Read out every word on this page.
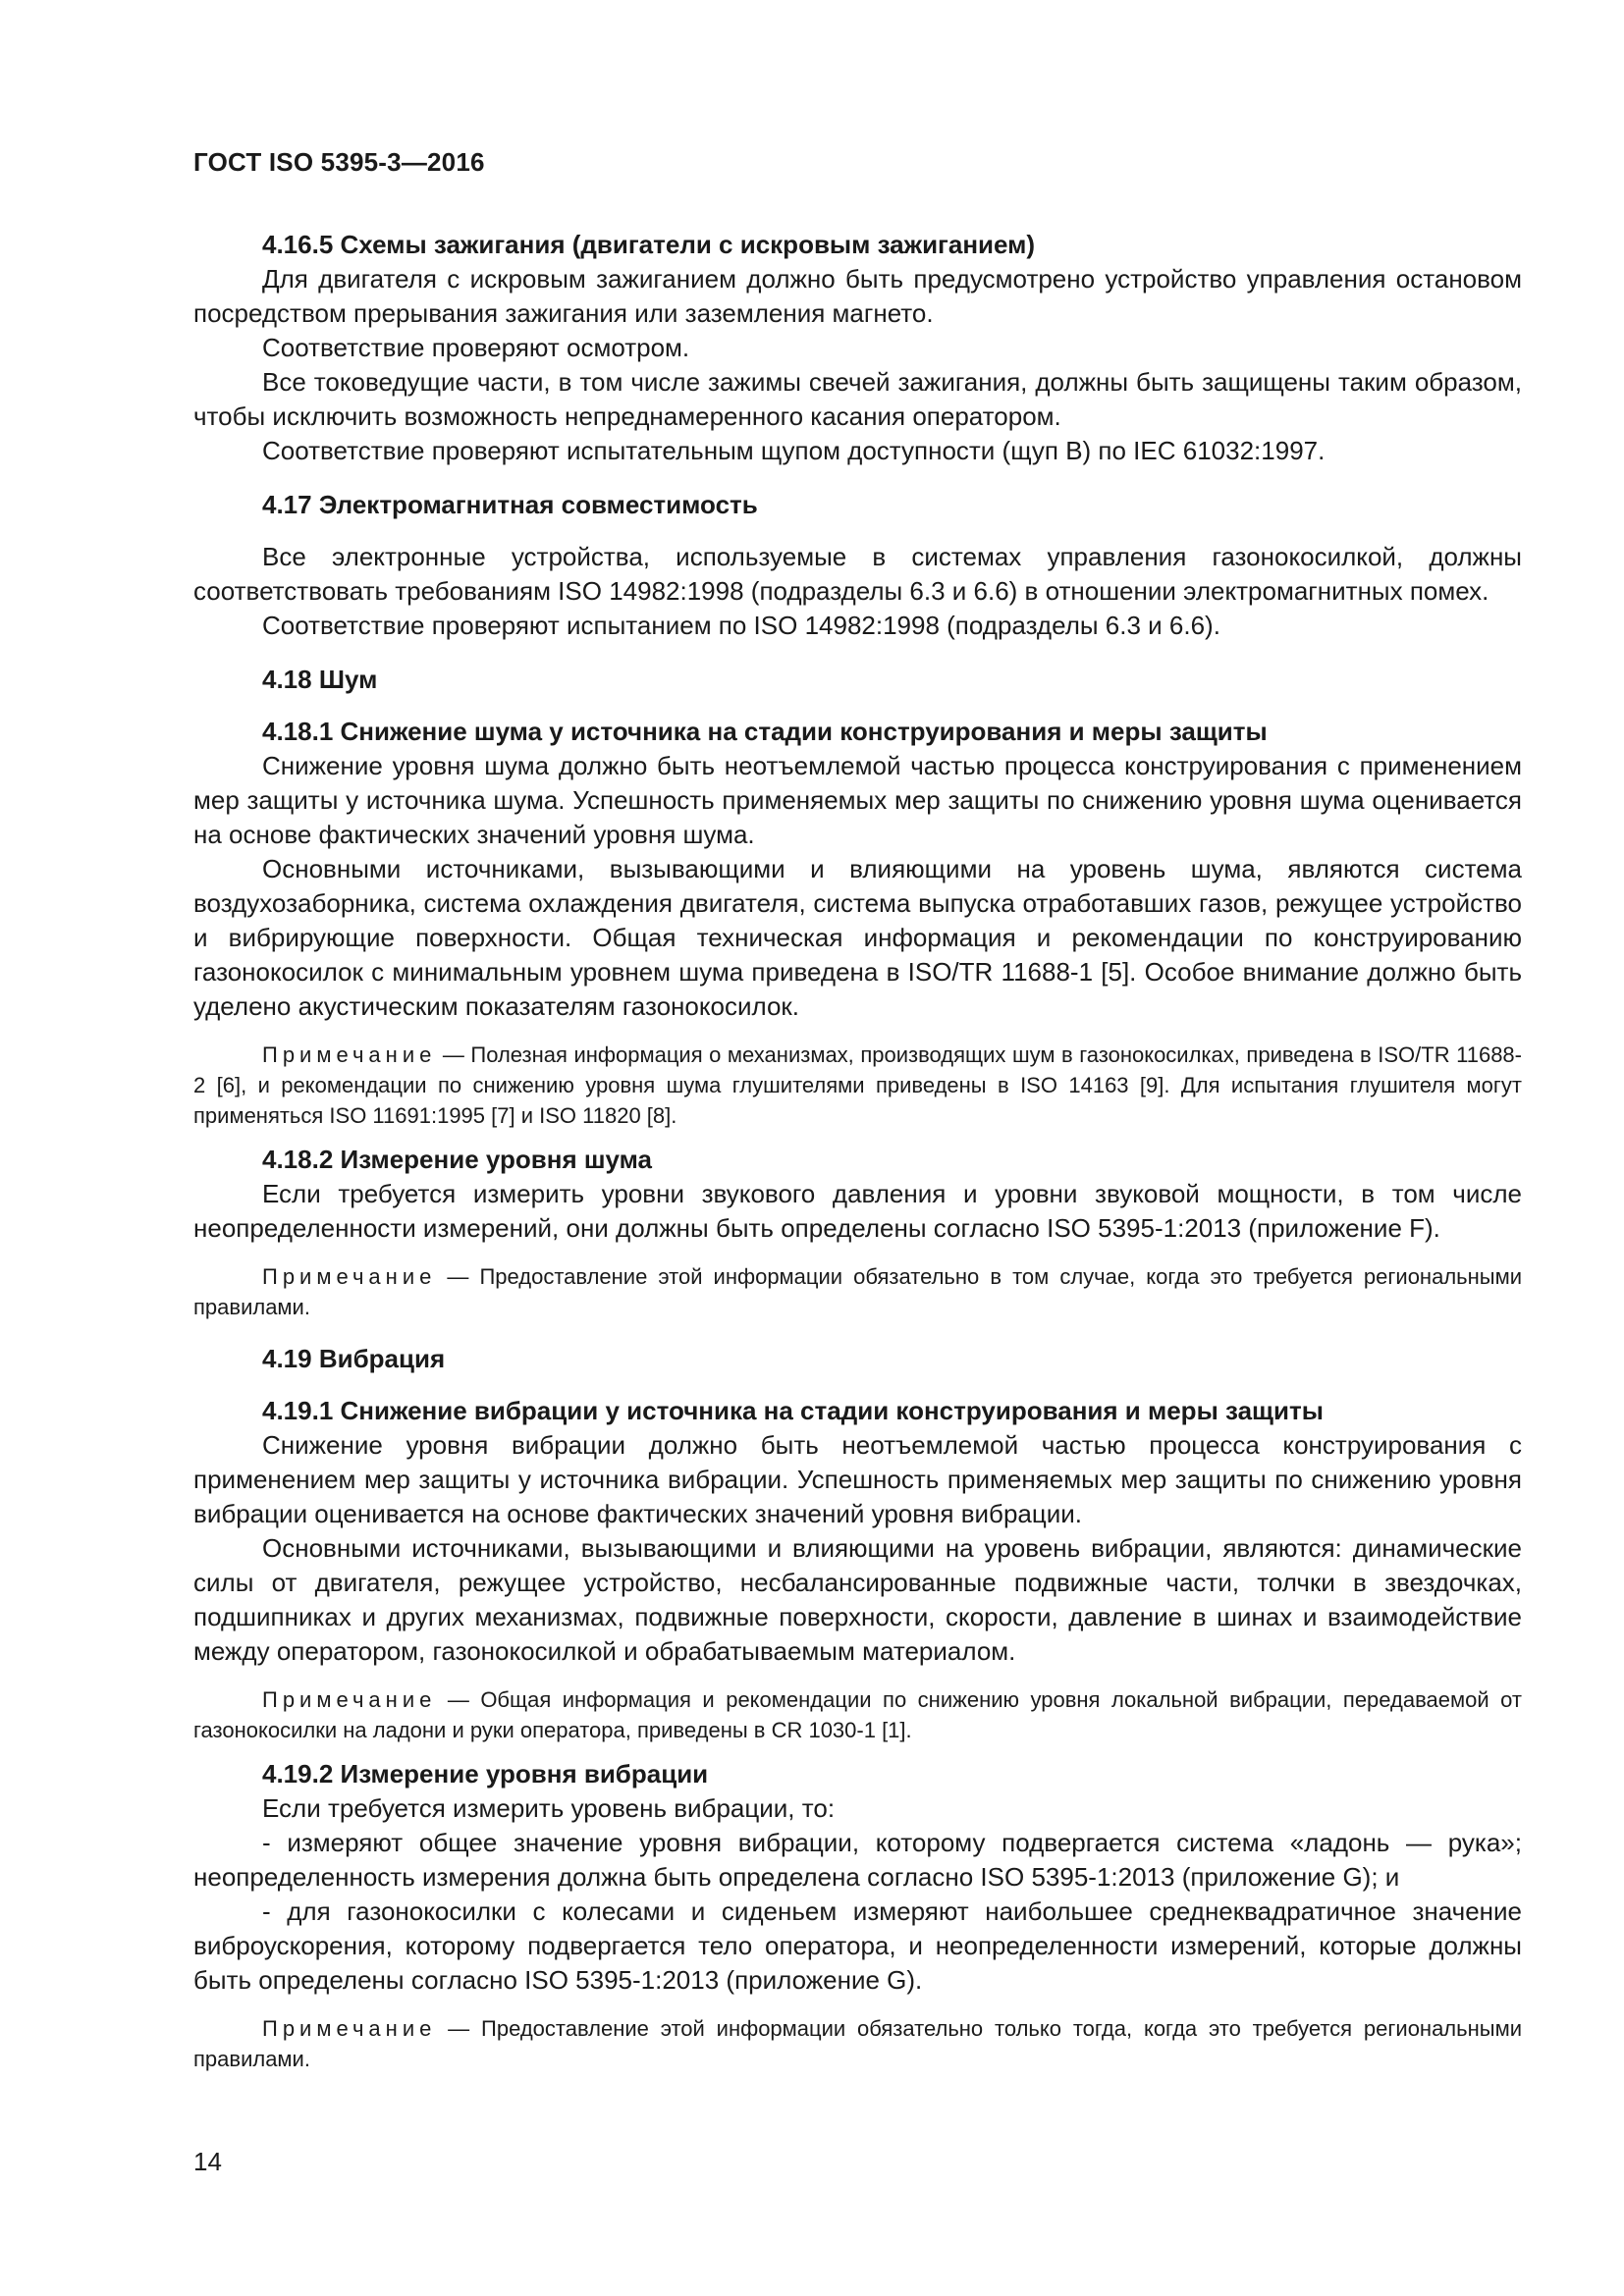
ГОСТ ISO 5395-3—2016
4.16.5 Схемы зажигания (двигатели с искровым зажиганием)

Для двигателя с искровым зажиганием должно быть предусмотрено устройство управления остановом посредством прерывания зажигания или заземления магнето.

Соответствие проверяют осмотром.

Все токоведущие части, в том числе зажимы свечей зажигания, должны быть защищены таким образом, чтобы исключить возможность непреднамеренного касания оператором.

Соответствие проверяют испытательным щупом доступности (щуп B) по IEC 61032:1997.

4.17 Электромагнитная совместимость

Все электронные устройства, используемые в системах управления газонокосилкой, должны соответствовать требованиям ISO 14982:1998 (подразделы 6.3 и 6.6) в отношении электромагнитных помех.

Соответствие проверяют испытанием по ISO 14982:1998 (подразделы 6.3 и 6.6).

4.18 Шум
4.18.1 Снижение шума у источника на стадии конструирования и меры защиты

Снижение уровня шума должно быть неотъемлемой частью процесса конструирования с применением мер защиты у источника шума. Успешность применяемых мер защиты по снижению уровня шума оценивается на основе фактических значений уровня шума.

Основными источниками, вызывающими и влияющими на уровень шума, являются система воздухозаборника, система охлаждения двигателя, система выпуска отработавших газов, режущее устройство и вибрирующие поверхности. Общая техническая информация и рекомендации по конструированию газонокосилок с минимальным уровнем шума приведена в ISO/TR 11688-1 [5]. Особое внимание должно быть уделено акустическим показателям газонокосилок.

Примечание — Полезная информация о механизмах, производящих шум в газонокосилках, приведена в ISO/TR 11688-2 [6], и рекомендации по снижению уровня шума глушителями приведены в ISO 14163 [9]. Для испытания глушителя могут применяться ISO 11691:1995 [7] и ISO 11820 [8].

4.18.2 Измерение уровня шума

Если требуется измерить уровни звукового давления и уровни звуковой мощности, в том числе неопределенности измерений, они должны быть определены согласно ISO 5395-1:2013 (приложение F).

Примечание — Предоставление этой информации обязательно в том случае, когда это требуется региональными правилами.

4.19 Вибрация
4.19.1 Снижение вибрации у источника на стадии конструирования и меры защиты

Снижение уровня вибрации должно быть неотъемлемой частью процесса конструирования с применением мер защиты у источника вибрации. Успешность применяемых мер защиты по снижению уровня вибрации оценивается на основе фактических значений уровня вибрации.

Основными источниками, вызывающими и влияющими на уровень вибрации, являются: динамические силы от двигателя, режущее устройство, несбалансированные подвижные части, толчки в звездочках, подшипниках и других механизмах, подвижные поверхности, скорости, давление в шинах и взаимодействие между оператором, газонокосилкой и обрабатываемым материалом.

Примечание — Общая информация и рекомендации по снижению уровня локальной вибрации, передаваемой от газонокосилки на ладони и руки оператора, приведены в CR 1030-1 [1].

4.19.2 Измерение уровня вибрации

Если требуется измерить уровень вибрации, то:

- измеряют общее значение уровня вибрации, которому подвергается система «ладонь — рука»; неопределенность измерения должна быть определена согласно ISO 5395-1:2013 (приложение G); и

- для газонокосилки с колесами и сиденьем измеряют наибольшее среднеквадратичное значение виброускорения, которому подвергается тело оператора, и неопределенности измерений, которые должны быть определены согласно ISO 5395-1:2013 (приложение G).

Примечание — Предоставление этой информации обязательно только тогда, когда это требуется региональными правилами.

14
